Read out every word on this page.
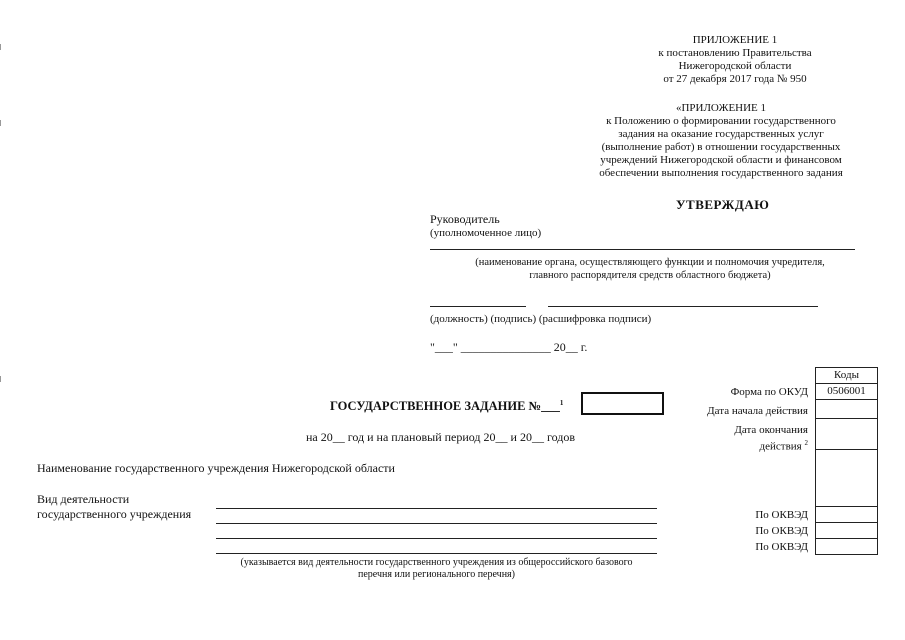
ПРИЛОЖЕНИЕ 1
к постановлению Правительства
Нижегородской области
от 27 декабря 2017 года № 950
«ПРИЛОЖЕНИЕ 1
к Положению о формировании государственного
задания на оказание государственных услуг
(выполнение работ) в отношении государственных
учреждений Нижегородской области и финансовом
обеспечении выполнения государственного задания
УТВЕРЖДАЮ
Руководитель
(уполномоченное лицо)
(наименование органа, осуществляющего функции и полномочия учредителя,
главного распорядителя средств областного бюджета)
(должность) (подпись) (расшифровка подписи)
"___" _______________ 20__ г.
Коды
0506001
Форма по ОКУД
Дата начала действия
Дата окончания
действия $^2$
По ОКВЭД
По ОКВЭД
По ОКВЭД
ГОСУДАРСТВЕННОЕ ЗАДАНИЕ №___$^1$
на 20__ год и на плановый период 20__ и 20__ годов
Наименование государственного учреждения Нижегородской области
Вид деятельности
государственного учреждения
(указывается вид деятельности государственного учреждения из общероссийского базового
перечня или регионального перечня)
